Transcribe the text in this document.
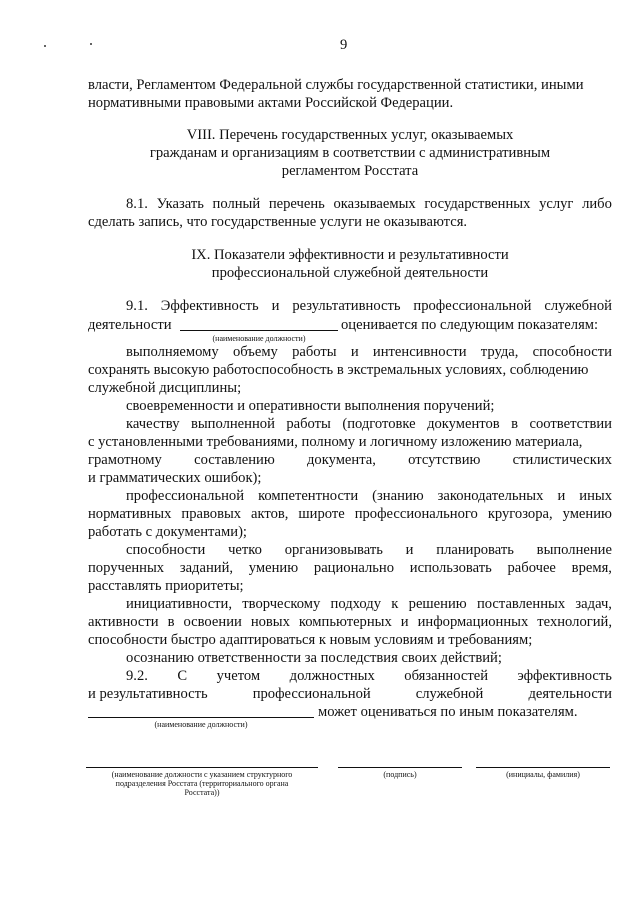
9
власти, Регламентом Федеральной службы государственной статистики, иными
нормативными правовыми актами Российской Федерации.
VIII. Перечень государственных услуг, оказываемых
гражданам и организациям в соответствии с административным
регламентом Росстата
8.1. Указать полный перечень оказываемых государственных услуг либо
сделать запись, что государственные услуги не оказываются.
IX. Показатели эффективности и результативности
профессиональной служебной деятельности
9.1. Эффективность и результативность профессиональной служебной
деятельности	оценивается по следующим показателям:
(наименование должности)
выполняемому объему работы и интенсивности труда, способности
сохранять высокую работоспособность в экстремальных условиях, соблюдению
служебной дисциплины;
своевременности и оперативности выполнения поручений;
качеству выполненной работы (подготовке документов в соответствии
с установленными требованиями, полному и логичному изложению материала,
грамотному составлению документа, отсутствию стилистических
и грамматических ошибок);
профессиональной компетентности (знанию законодательных и иных
нормативных правовых актов, широте профессионального кругозора, умению
работать с документами);
способности четко организовывать и планировать выполнение
порученных заданий, умению рационально использовать рабочее время,
расставлять приоритеты;
инициативности, творческому подходу к решению поставленных задач,
активности в освоении новых компьютерных и информационных технологий,
способности быстро адаптироваться к новым условиям и требованиям;
осознанию ответственности за последствия своих действий;
9.2. С учетом должностных обязанностей эффективность
и результативность	профессиональной	служебной	деятельности
может оцениваться по иным показателям.
(наименование должности)
(наименование должности с указанием структурного
подразделения Росстата (территориального органа
Росстата))
(подпись)	(инициалы, фамилия)
